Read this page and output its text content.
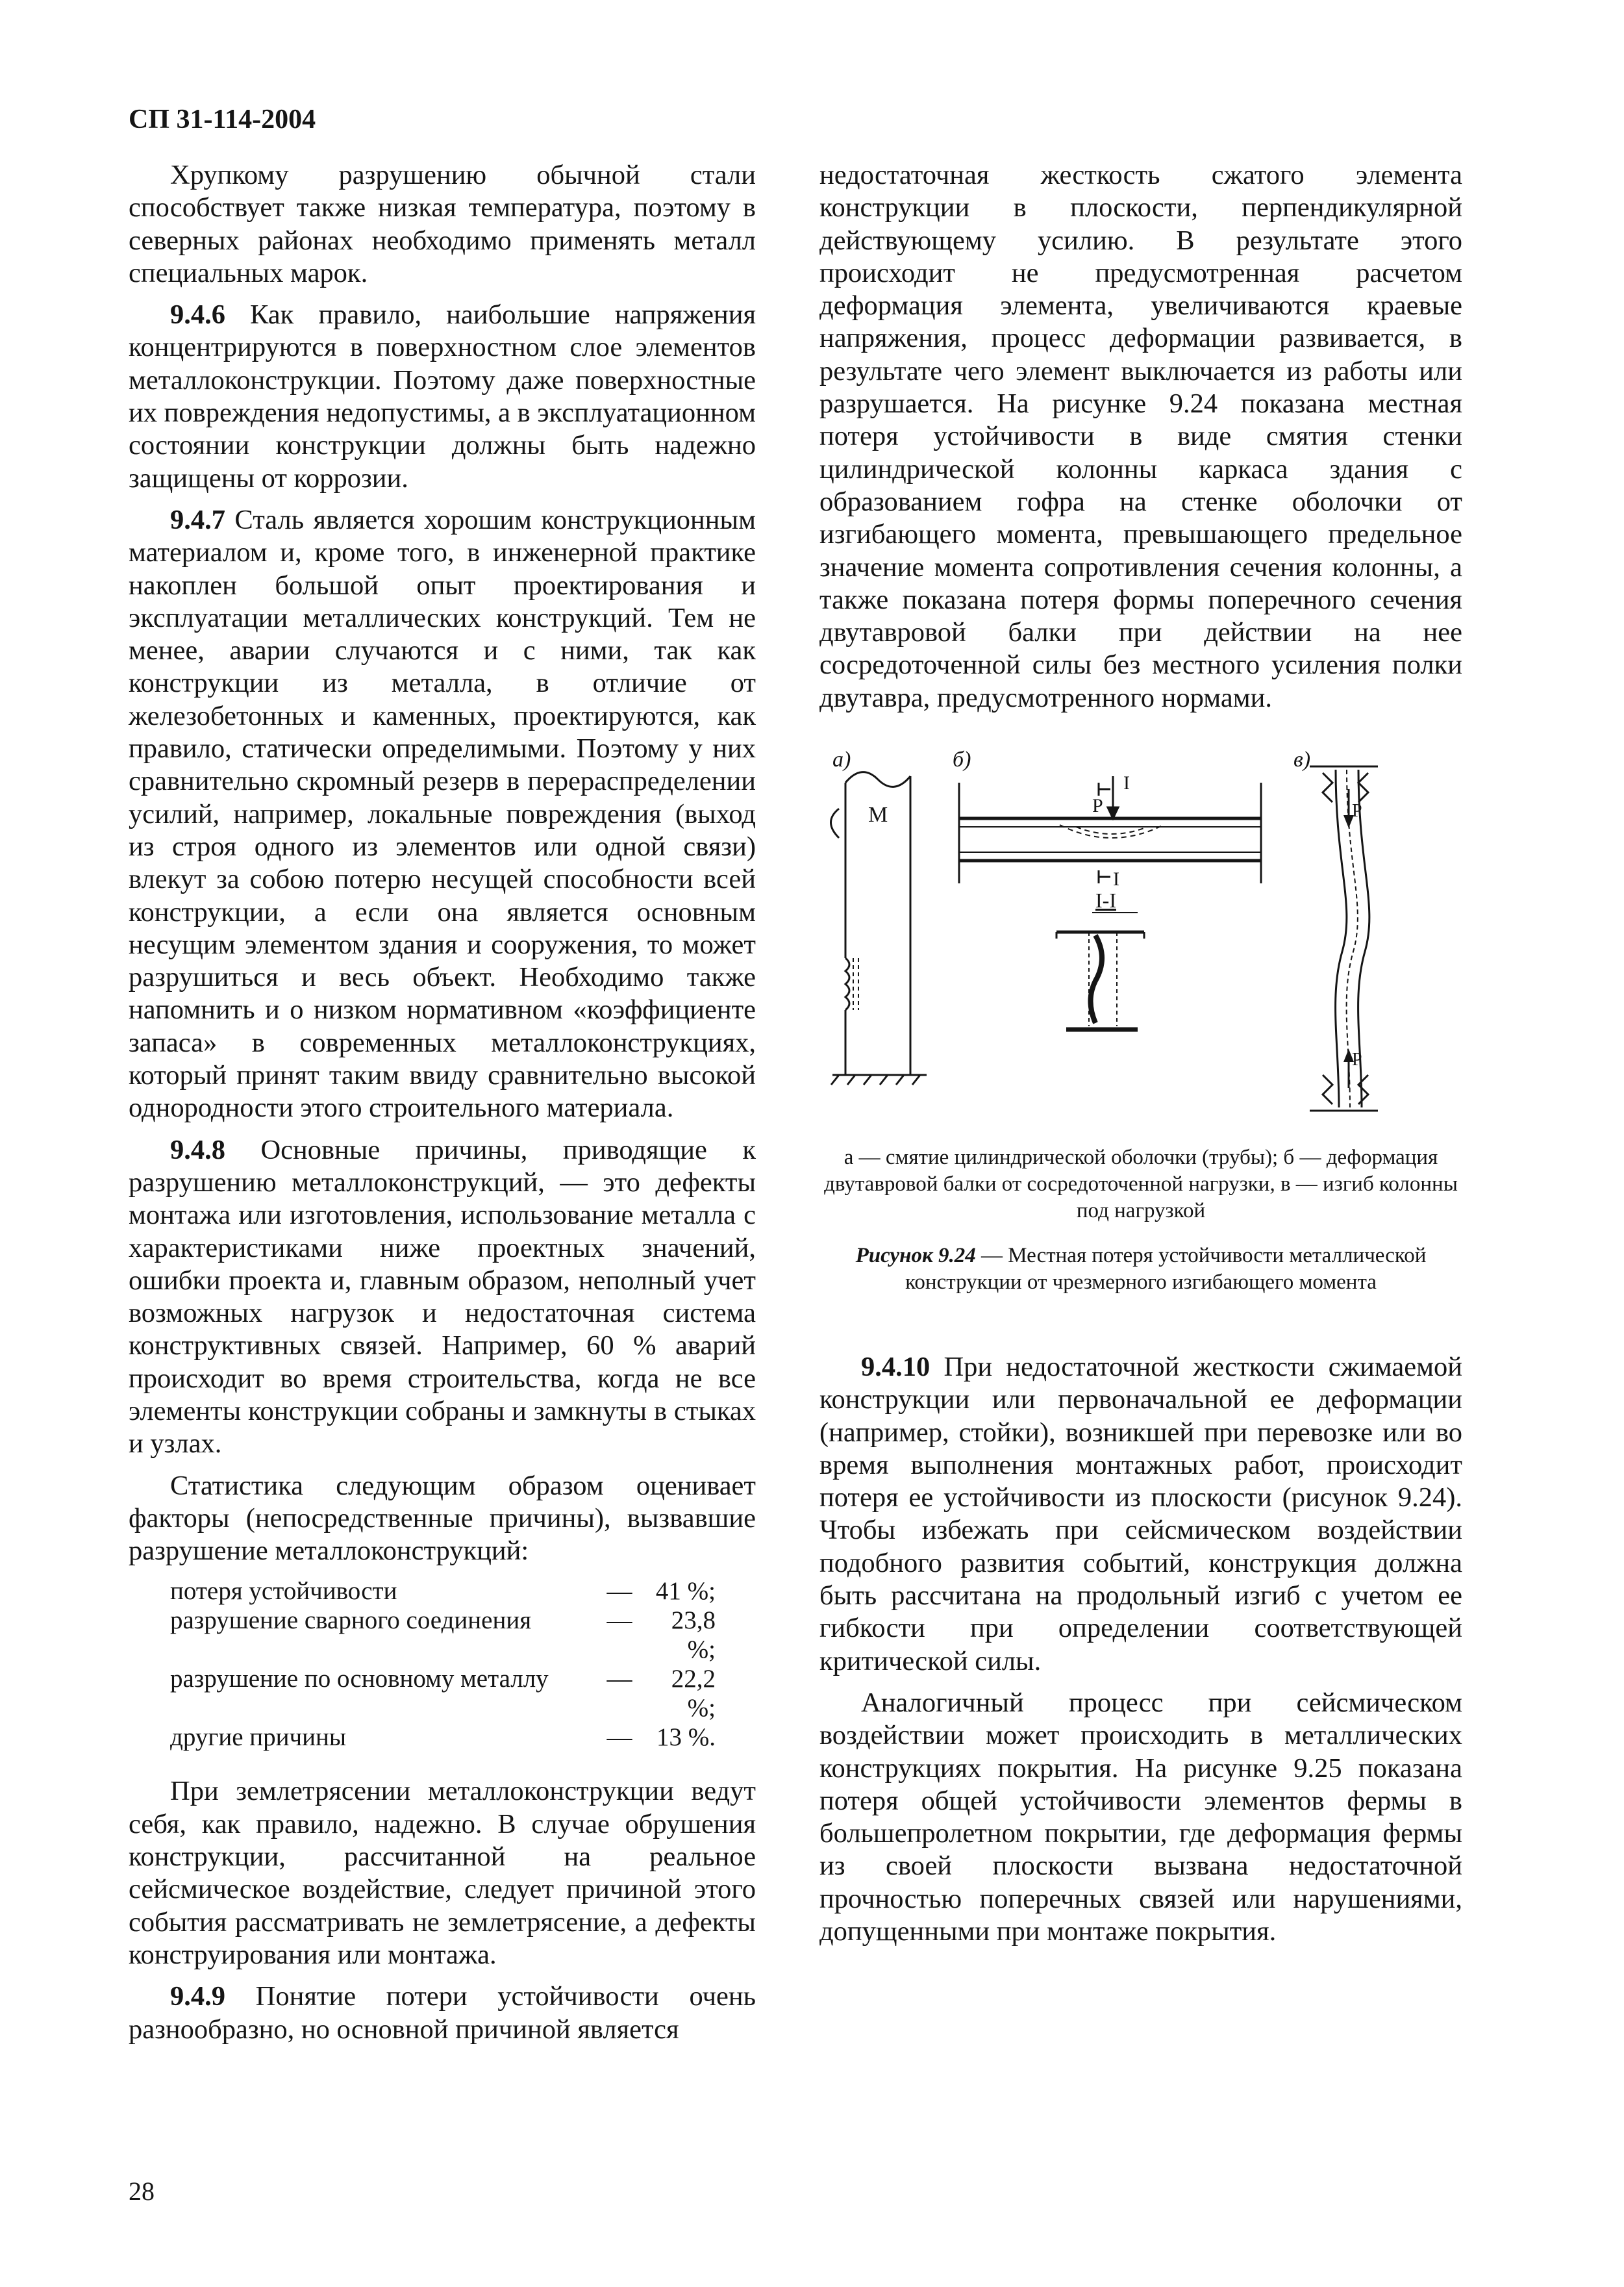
СП 31-114-2004

Хрупкому разрушению обычной стали способствует также низкая температура, поэтому в северных районах необходимо применять металл специальных марок.

9.4.6 Как правило, наибольшие напряжения концентрируются в поверхностном слое элементов металлоконструкции. Поэтому даже поверхностные их повреждения недопустимы, а в эксплуатационном состоянии конструкции должны быть надежно защищены от коррозии.

9.4.7 Сталь является хорошим конструкционным материалом и, кроме того, в инженерной практике накоплен большой опыт проектирования и эксплуатации металлических конструкций. Тем не менее, аварии случаются и с ними, так как конструкции из металла, в отличие от железобетонных и каменных, проектируются, как правило, статически определимыми. Поэтому у них сравнительно скромный резерв в перераспределении усилий, например, локальные повреждения (выход из строя одного из элементов или одной связи) влекут за собою потерю несущей способности всей конструкции, а если она является основным несущим элементом здания и сооружения, то может разрушиться и весь объект. Необходимо также напомнить и о низком нормативном «коэффициенте запаса» в современных металлоконструкциях, который принят таким ввиду сравнительно высокой однородности этого строительного материала.

9.4.8 Основные причины, приводящие к разрушению металлоконструкций, — это дефекты монтажа или изготовления, использование металла с характеристиками ниже проектных значений, ошибки проекта и, главным образом, неполный учет возможных нагрузок и недостаточная система конструктивных связей. Например, 60 % аварий происходит во время строительства, когда не все элементы конструкции собраны и замкнуты в стыках и узлах.

Статистика следующим образом оценивает факторы (непосредственные причины), вызвавшие разрушение металлоконструкций:

потеря устойчивости	— 41 %;
разрушение сварного соединения	—	23,8 %;
разрушение по основному металлу	—	22,2 %;
другие причины	— 13 %.

При землетрясении металлоконструкции ведут себя, как правило, надежно. В случае обрушения конструкции, рассчитанной на реальное сейсмическое воздействие, следует причиной этого события рассматривать не землетрясение, а дефекты конструирования или монтажа.

9.4.9 Понятие потери устойчивости очень разнообразно, но основной причиной является

недостаточная жесткость сжатого элемента конструкции в плоскости, перпендикулярной действующему усилию. В результате этого происходит не предусмотренная расчетом деформация элемента, увеличиваются краевые напряжения, процесс деформации развивается, в результате чего элемент выключается из работы или разрушается. На рисунке 9.24 показана местная потеря устойчивости в виде смятия стенки цилиндрической колонны каркаса здания с образованием гофра на стенке оболочки от изгибающего момента, превышающего предельное значение момента сопротивления сечения колонны, а также показана потеря формы поперечного сечения двутавровой балки при действии на нее сосредоточенной силы без местного усиления полки двутавра, предусмотренного нормами.

а)	б)	в)
М	P
I
I
I-I
P
P
а — смятие цилиндрической оболочки (трубы); б — деформация двутавровой балки от сосредоточенной нагрузки, в — изгиб колонны под нагрузкой
Рисунок 9.24 — Местная потеря устойчивости металлической конструкции от чрезмерного изгибающего момента

9.4.10 При недостаточной жесткости сжимаемой конструкции или первоначальной ее деформации (например, стойки), возникшей при перевозке или во время выполнения монтажных работ, происходит потеря ее устойчивости из плоскости (рисунок 9.24). Чтобы избежать при сейсмическом воздействии подобного развития событий, конструкция должна быть рассчитана на продольный изгиб с учетом ее гибкости при определении соответствующей критической силы.

Аналогичный процесс при сейсмическом воздействии может происходить в металлических конструкциях покрытия. На рисунке 9.25 показана потеря общей устойчивости элементов фермы в большепролетном покрытии, где деформация фермы из своей плоскости вызвана недостаточной прочностью поперечных связей или нарушениями, допущенными при монтаже покрытия.

28
